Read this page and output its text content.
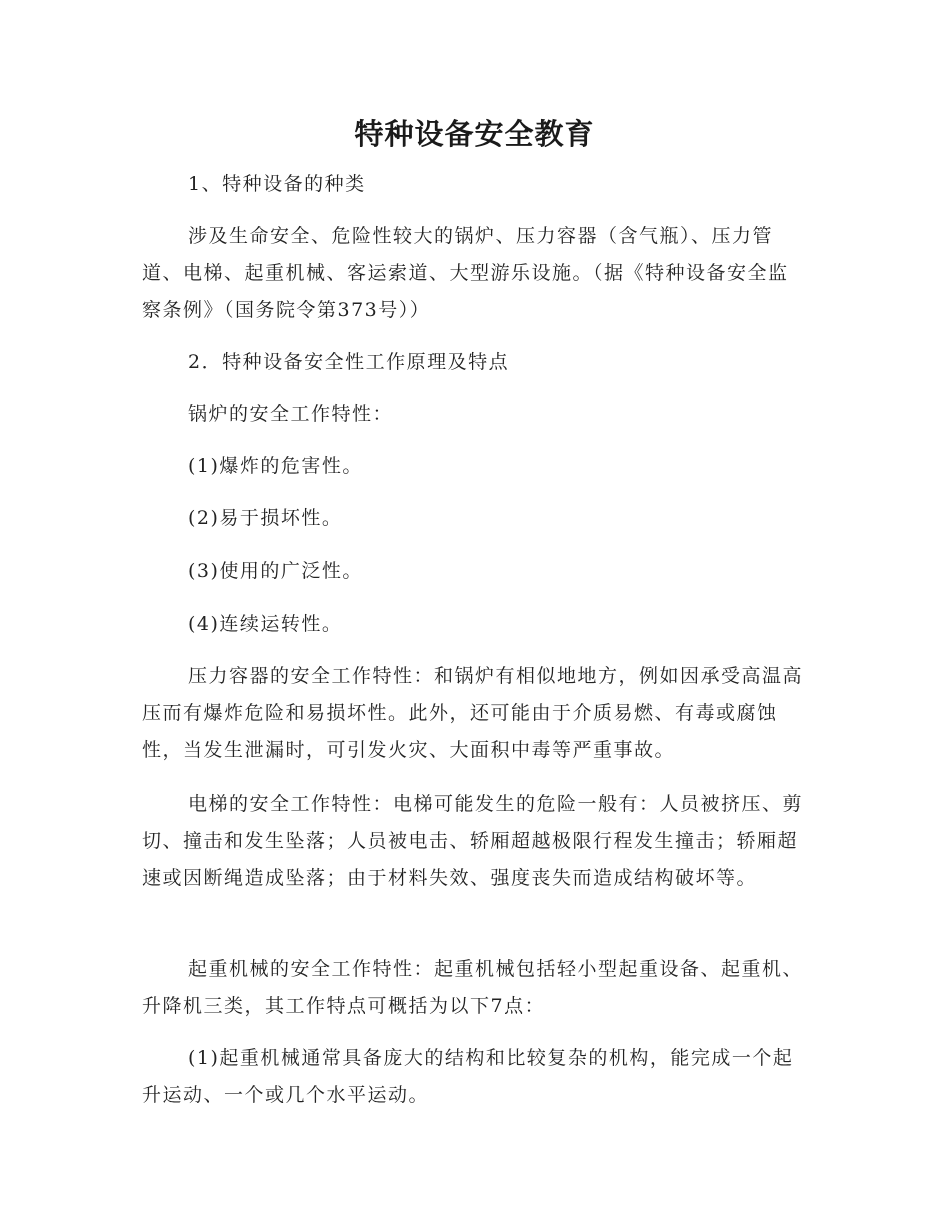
特种设备安全教育

1、特种设备的种类

涉及生命安全、危险性较大的锅炉、压力容器（含气瓶）、压力管道、电梯、起重机械、客运索道、大型游乐设施。（据《特种设备安全监察条例》（国务院令第373号））

2．特种设备安全性工作原理及特点

锅炉的安全工作特性：

(1)爆炸的危害性。

(2)易于损坏性。

(3)使用的广泛性。

(4)连续运转性。

压力容器的安全工作特性：和锅炉有相似地地方，例如因承受高温高压而有爆炸危险和易损坏性。此外，还可能由于介质易燃、有毒或腐蚀性，当发生泄漏时，可引发火灾、大面积中毒等严重事故。

电梯的安全工作特性：电梯可能发生的危险一般有：人员被挤压、剪切、撞击和发生坠落；人员被电击、轿厢超越极限行程发生撞击；轿厢超速或因断绳造成坠落；由于材料失效、强度丧失而造成结构破坏等。

起重机械的安全工作特性：起重机械包括轻小型起重设备、起重机、升降机三类，其工作特点可概括为以下7点：

(1)起重机械通常具备庞大的结构和比较复杂的机构，能完成一个起升运动、一个或几个水平运动。
